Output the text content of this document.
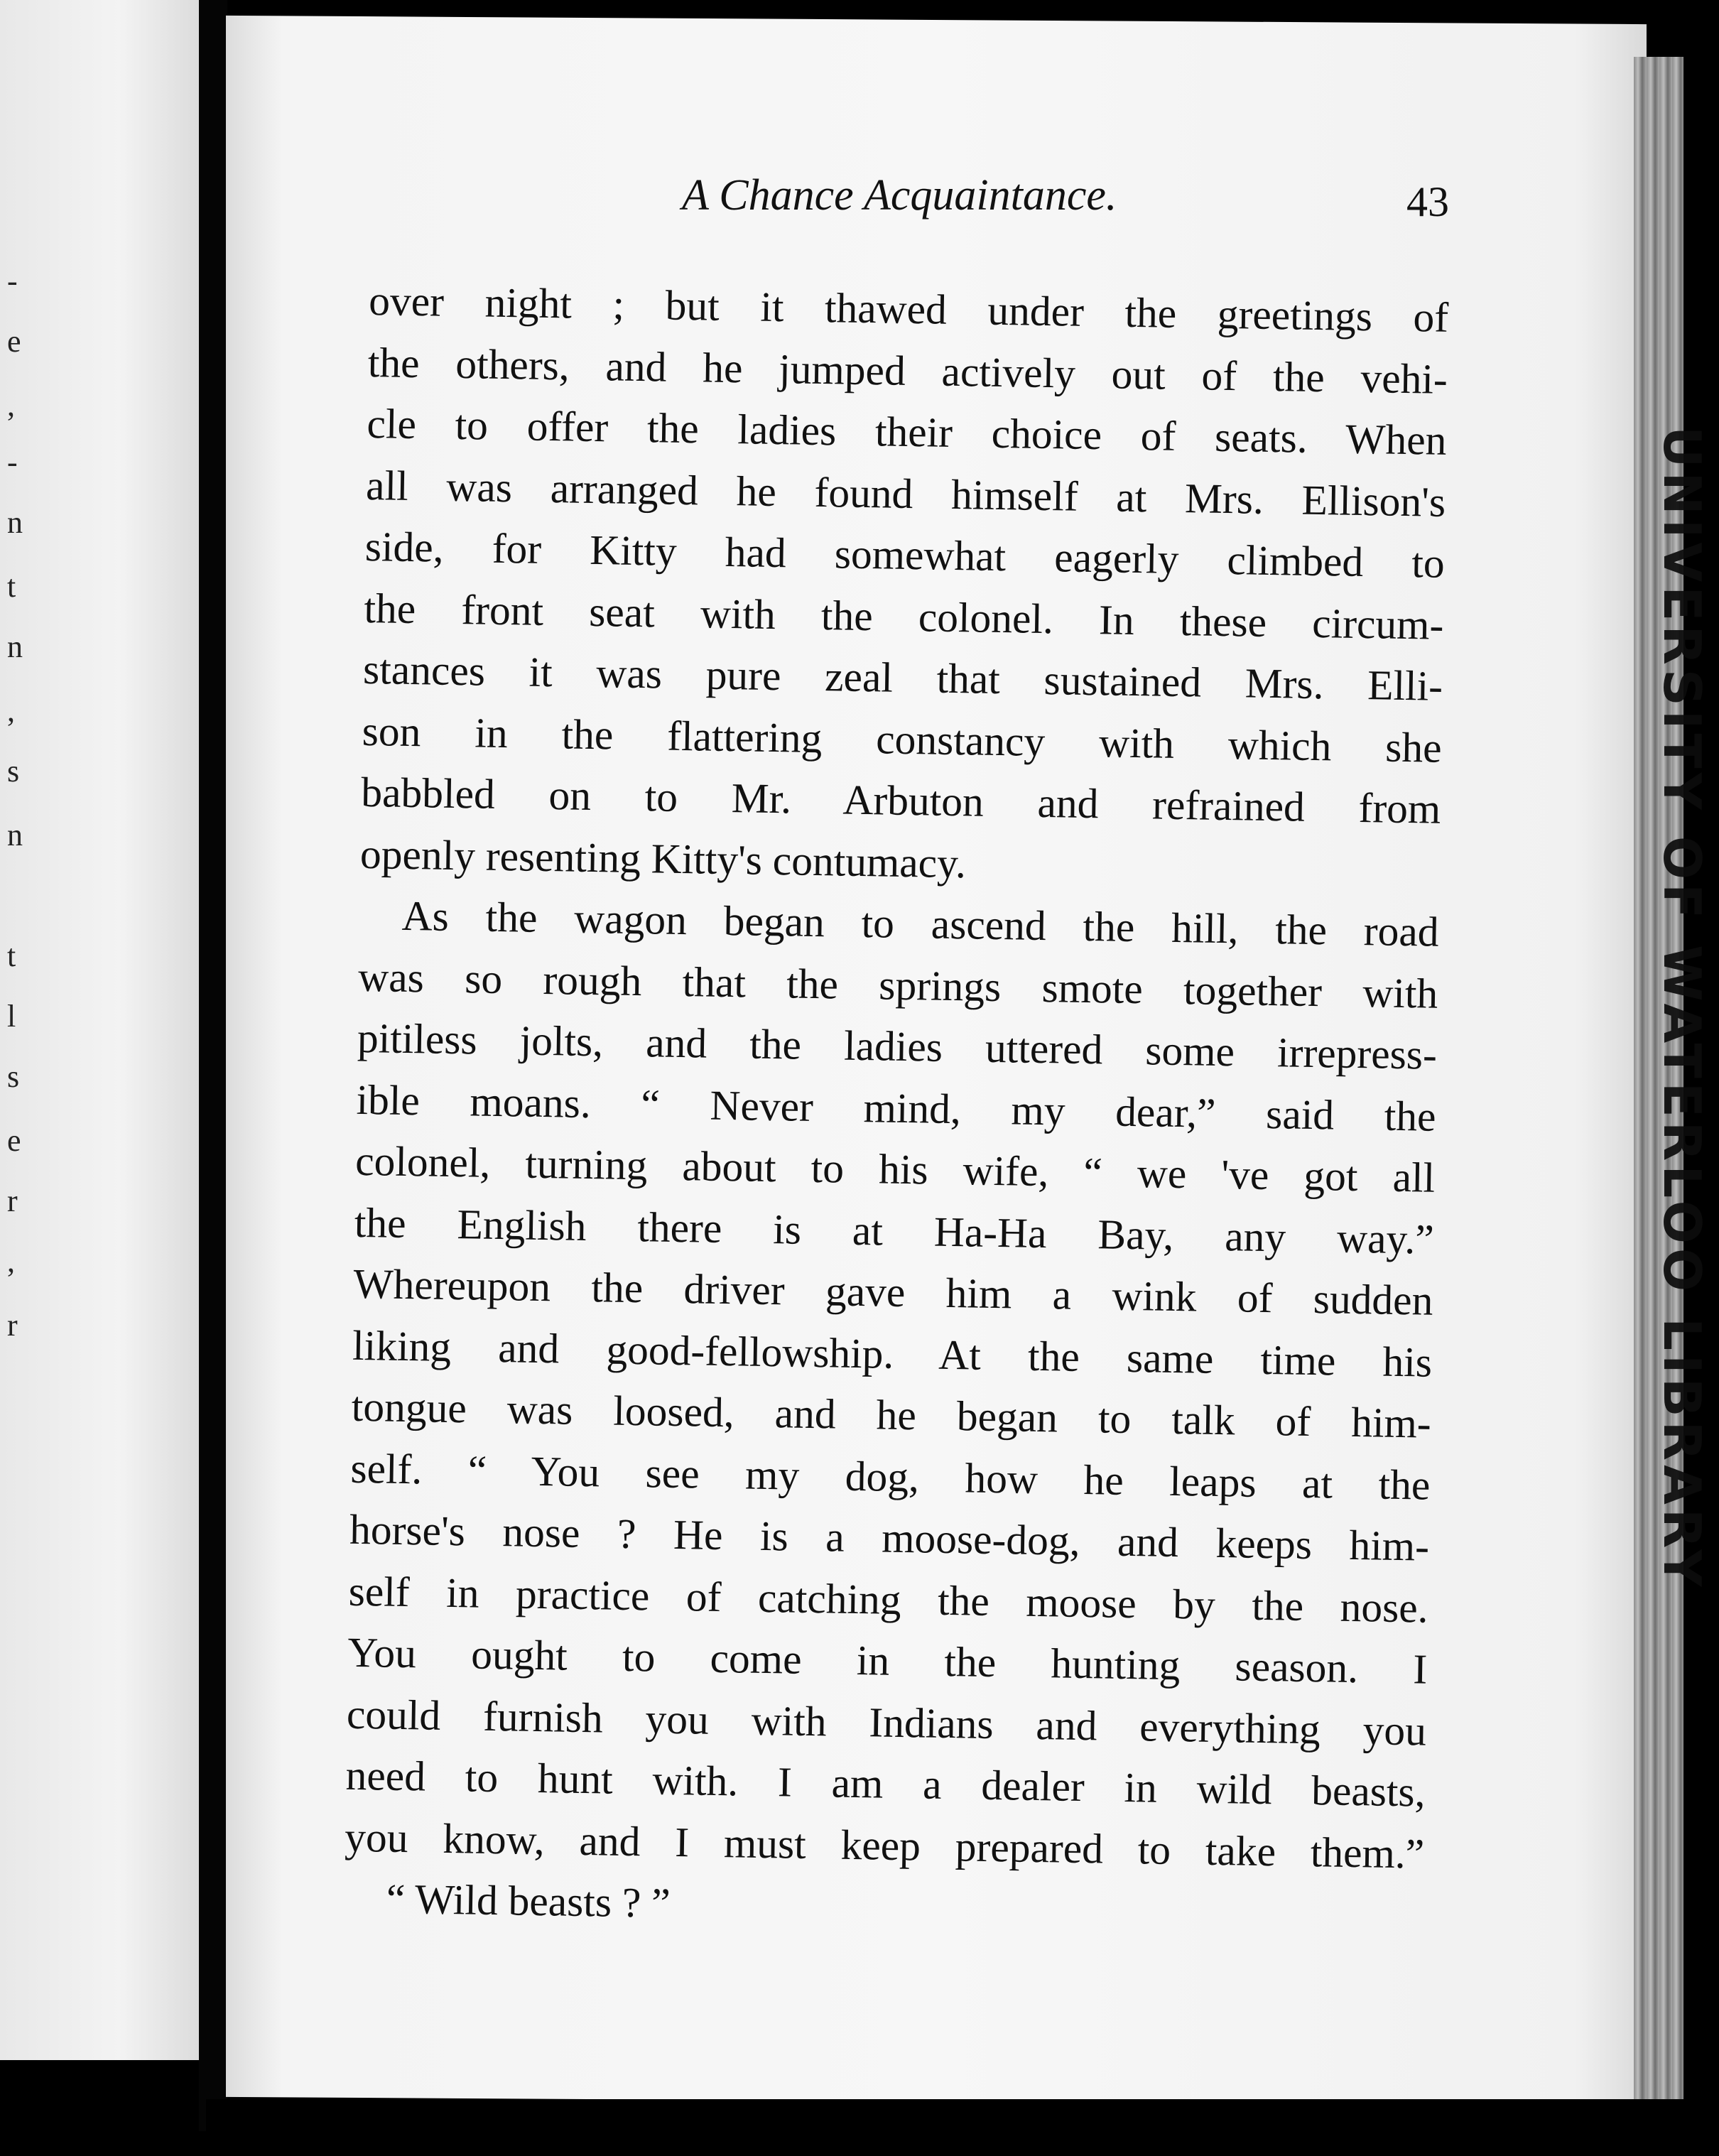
-
e
,
-
n
t
n
,
s
n
t
l
s
e
r
,
r	UNIVERSITY OF WATERLOO LIBRARY
A Chance Acquaintance.	43
over night ; but it thawed under the greetings of
the others, and he jumped actively out of the vehi-
cle to offer the ladies their choice of seats. When
all was arranged he found himself at Mrs. Ellison's
side, for Kitty had somewhat eagerly climbed to
the front seat with the colonel. In these circum-
stances it was pure zeal that sustained Mrs. Elli-
son in the flattering constancy with which she
babbled on to Mr. Arbuton and refrained from
openly resenting Kitty's contumacy.
As the wagon began to ascend the hill, the road
was so rough that the springs smote together with
pitiless jolts, and the ladies uttered some irrepress-
ible moans. “ Never mind, my dear,” said the
colonel, turning about to his wife, “ we 've got all
the English there is at Ha-Ha Bay, any way.”
Whereupon the driver gave him a wink of sudden
liking and good-fellowship. At the same time his
tongue was loosed, and he began to talk of him-
self. “ You see my dog, how he leaps at the
horse's nose ? He is a moose-dog, and keeps him-
self in practice of catching the moose by the nose.
You ought to come in the hunting season. I
could furnish you with Indians and everything you
need to hunt with. I am a dealer in wild beasts,
you know, and I must keep prepared to take them.”
“ Wild beasts ? ”
